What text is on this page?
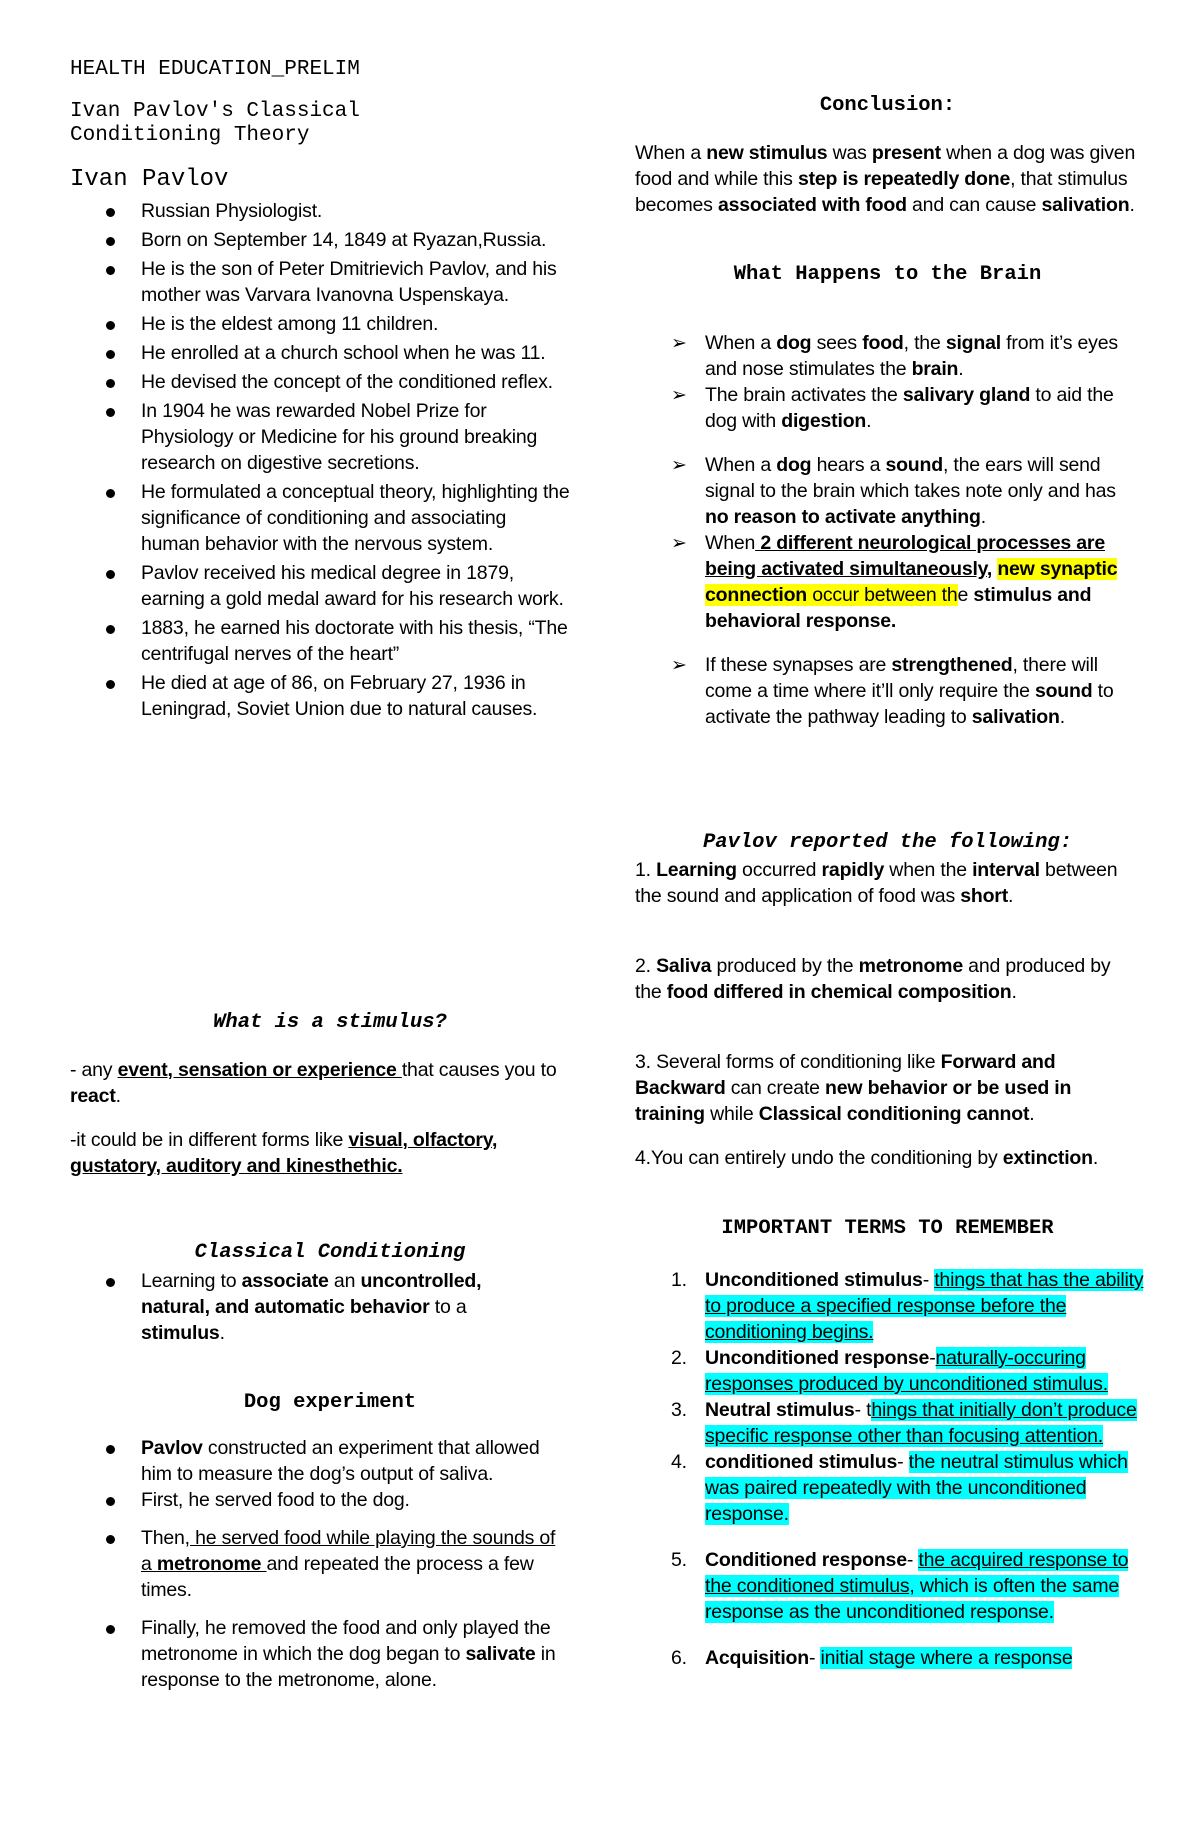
HEALTH EDUCATION_PRELIM
Ivan Pavlov's Classical
Conditioning Theory
Ivan Pavlov
Russian Physiologist.
Born on September 14, 1849 at Ryazan,Russia.
He is the son of Peter Dmitrievich Pavlov, and his mother was Varvara Ivanovna Uspenskaya.
He is the eldest among 11 children.
He enrolled at a church school when he was 11.
He devised the concept of the conditioned reflex.
In 1904 he was rewarded Nobel Prize for Physiology or Medicine for his ground breaking research on digestive secretions.
He formulated a conceptual theory, highlighting the significance of conditioning and associating human behavior with the nervous system.
Pavlov received his medical degree in 1879, earning a gold medal award for his research work.
1883, he earned his doctorate with his thesis, “The centrifugal nerves of the heart”
He died at age of 86, on February 27, 1936 in Leningrad, Soviet Union due to natural causes.
What is a stimulus?

- any event, sensation or experience that causes you to react.

-it could be in different forms like visual, olfactory, gustatory, auditory and kinesthethic.

Classical Conditioning
Learning to associate an uncontrolled, natural, and automatic behavior to a stimulus.
Dog experiment
Pavlov constructed an experiment that allowed him to measure the dog’s output of saliva.
First, he served food to the dog.
Then, he served food while playing the sounds of a metronome and repeated the process a few times.
Finally, he removed the food and only played the metronome in which the dog began to salivate in response to the metronome, alone.
Conclusion:

When a new stimulus was present when a dog was given food and while this step is repeatedly done, that stimulus becomes associated with food and can cause salivation.

What Happens to the Brain
➢ When a dog sees food, the signal from it’s eyes and nose stimulates the brain.
➢ The brain activates the salivary gland to aid the dog with digestion.
➢ When a dog hears a sound, the ears will send signal to the brain which takes note only and has no reason to activate anything.
➢ When 2 different neurological processes are being activated simultaneously, new synaptic connection occur between the stimulus and behavioral response.
➢ If these synapses are strengthened, there will come a time where it’ll only require the sound to activate the pathway leading to salivation.
Pavlov reported the following:

1. Learning occurred rapidly when the interval between the sound and application of food was short.

2. Saliva produced by the metronome and produced by the food differed in chemical composition.

3. Several forms of conditioning like Forward and Backward can create new behavior or be used in training while Classical conditioning cannot.

4.You can entirely undo the conditioning by extinction.

IMPORTANT TERMS TO REMEMBER
1. Unconditioned stimulus- things that has the ability to produce a specified response before the conditioning begins.
2. Unconditioned response-naturally-occuring responses produced by unconditioned stimulus.
3. Neutral stimulus- things that initially don’t produce specific response other than focusing attention.
4. conditioned stimulus- the neutral stimulus which was paired repeatedly with the unconditioned response.
5. Conditioned response- the acquired response to the conditioned stimulus, which is often the same response as the unconditioned response.
6. Acquisition- initial stage where a response
